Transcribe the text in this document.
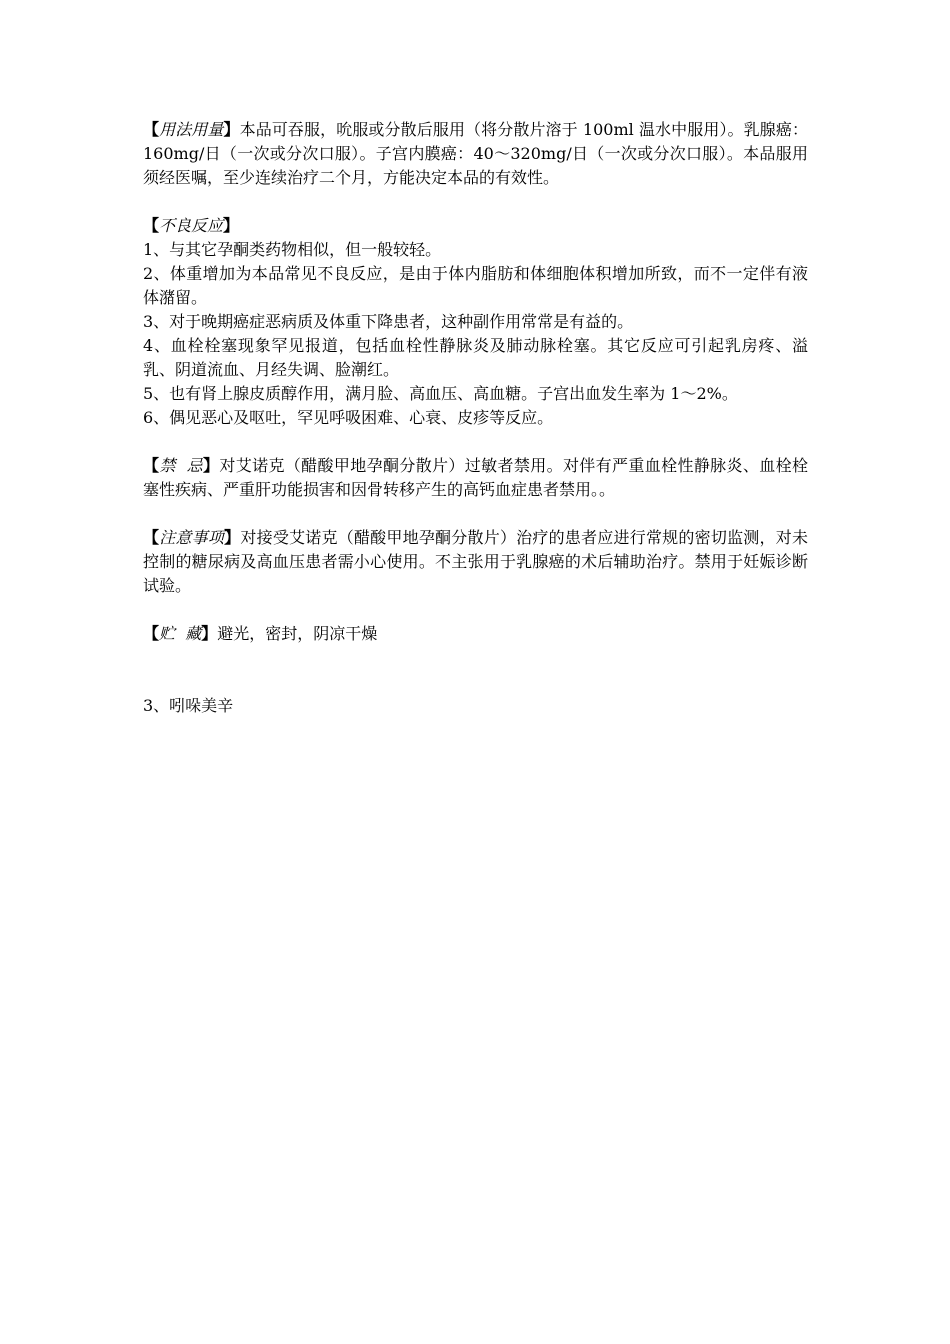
【用法用量】本品可吞服，吮服或分散后服用（将分散片溶于 100ml 温水中服用）。乳腺癌：160mg/日（一次或分次口服）。子宫内膜癌：40～320mg/日（一次或分次口服）。本品服用须经医嘱，至少连续治疗二个月，方能决定本品的有效性。

【不良反应】

1、与其它孕酮类药物相似，但一般较轻。

2、体重增加为本品常见不良反应，是由于体内脂肪和体细胞体积增加所致，而不一定伴有液体潴留。

3、对于晚期癌症恶病质及体重下降患者，这种副作用常常是有益的。

4、血栓栓塞现象罕见报道，包括血栓性静脉炎及肺动脉栓塞。其它反应可引起乳房疼、溢乳、阴道流血、月经失调、脸潮红。

5、也有肾上腺皮质醇作用，满月脸、高血压、高血糖。子宫出血发生率为 1～2%。

6、偶见恶心及呕吐，罕见呼吸困难、心衰、皮疹等反应。

【禁  忌】对艾诺克（醋酸甲地孕酮分散片）过敏者禁用。对伴有严重血栓性静脉炎、血栓栓塞性疾病、严重肝功能损害和因骨转移产生的高钙血症患者禁用。。

【注意事项】对接受艾诺克（醋酸甲地孕酮分散片）治疗的患者应进行常规的密切监测，对未控制的糖尿病及高血压患者需小心使用。不主张用于乳腺癌的术后辅助治疗。禁用于妊娠诊断试验。

【贮  藏】避光，密封，阴凉干燥

3、吲哚美辛
